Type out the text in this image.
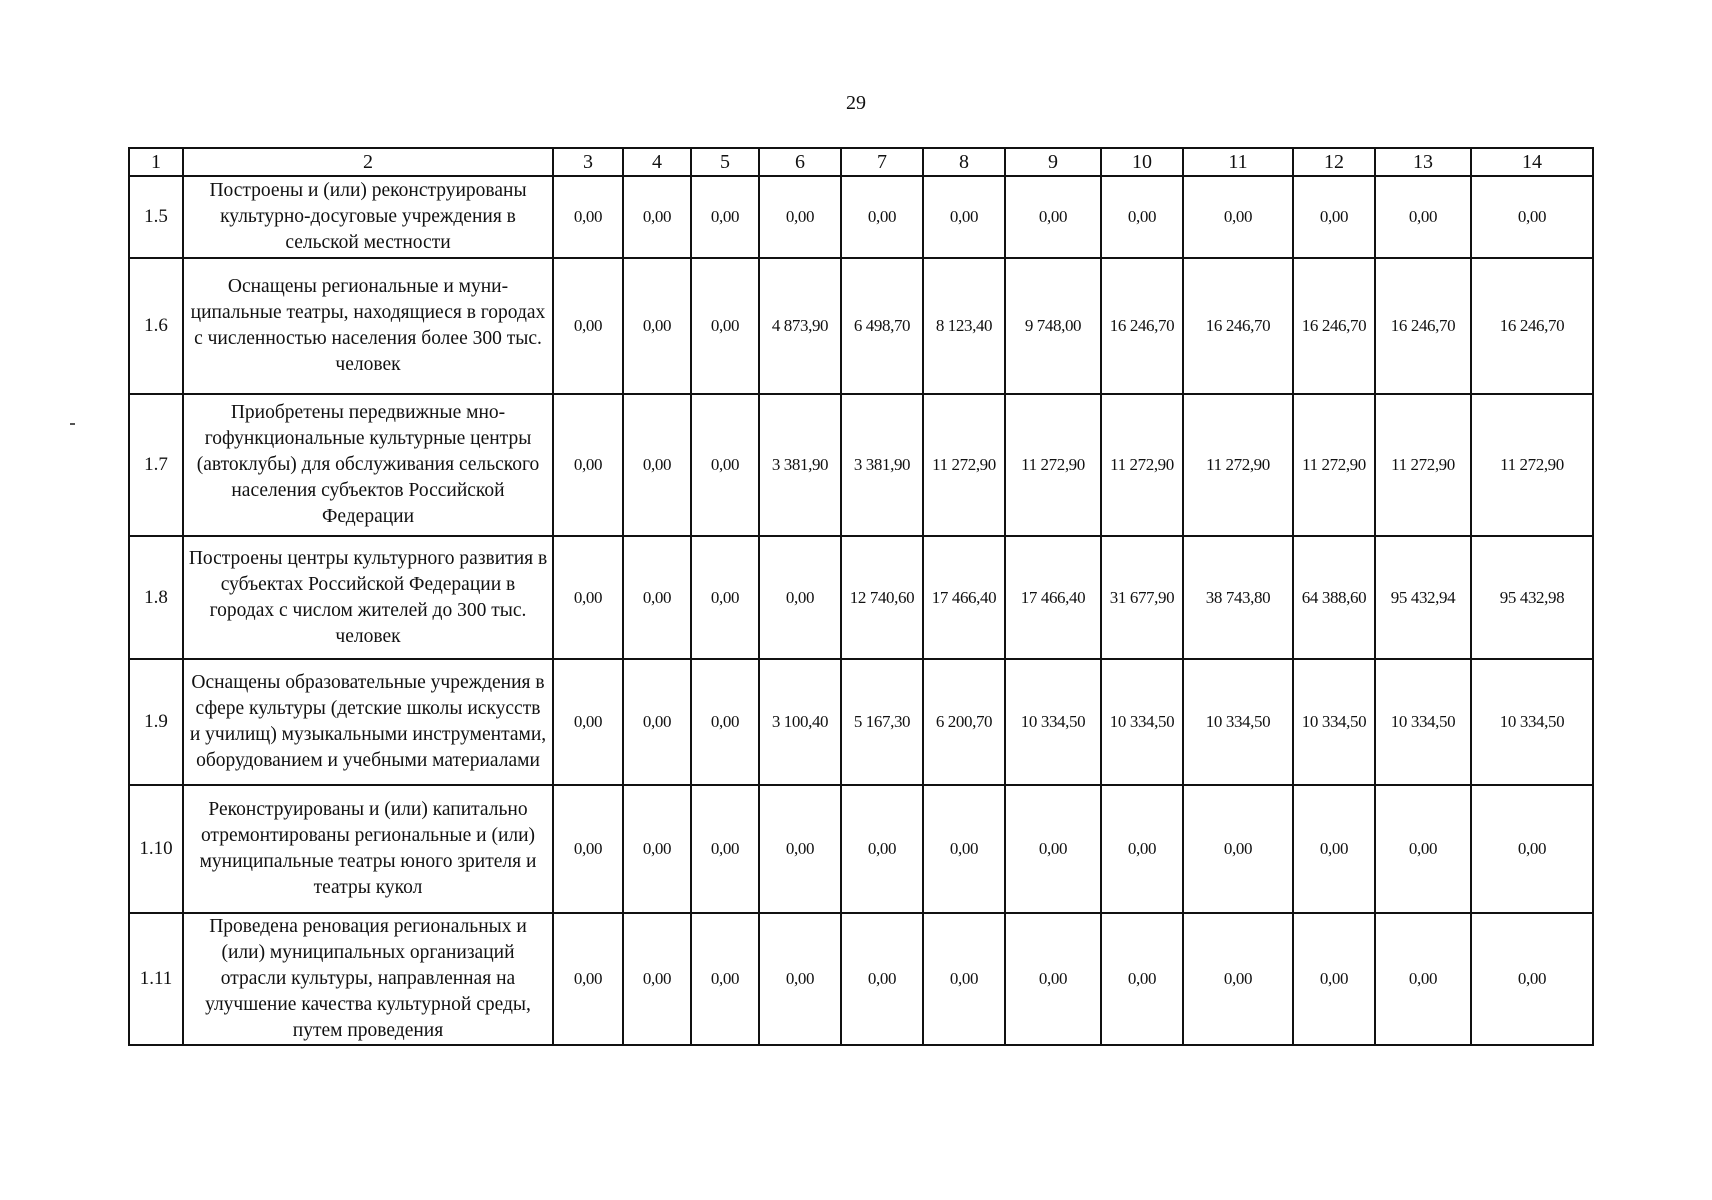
29
1	2	3	4	5	6	7	8	9	10	11	12	13	14
1.5	Построены и (или) реконструированы культурно-досуговые учреждения в сельской местности	0,00	0,00	0,00	0,00	0,00	0,00	0,00	0,00	0,00	0,00	0,00	0,00
1.6	Оснащены региональные и муниципальные театры, находящиеся в городах с численностью населения более 300 тыс. человек	0,00	0,00	0,00	4 873,90	6 498,70	8 123,40	9 748,00	16 246,70	16 246,70	16 246,70	16 246,70	16 246,70
1.7	Приобретены передвижные многофункциональные культурные центры (автоклубы) для обслуживания сельского населения субъектов Российской Федерации	0,00	0,00	0,00	3 381,90	3 381,90	11 272,90	11 272,90	11 272,90	11 272,90	11 272,90	11 272,90	11 272,90
1.8	Построены центры культурного развития в субъектах Российской Федерации в городах с числом жителей до 300 тыс. человек	0,00	0,00	0,00	0,00	12 740,60	17 466,40	17 466,40	31 677,90	38 743,80	64 388,60	95 432,94	95 432,98
1.9	Оснащены образовательные учреждения в сфере культуры (детские школы искусств и училищ) музыкальными инструментами, оборудованием и учебными материалами	0,00	0,00	0,00	3 100,40	5 167,30	6 200,70	10 334,50	10 334,50	10 334,50	10 334,50	10 334,50	10 334,50
1.10	Реконструированы и (или) капитально отремонтированы региональные и (или) муниципальные театры юного зрителя и театры кукол	0,00	0,00	0,00	0,00	0,00	0,00	0,00	0,00	0,00	0,00	0,00	0,00
1.11	Проведена реновация региональных и (или) муниципальных организаций отрасли культуры, направленная на улучшение качества культурной среды, путем проведения	0,00	0,00	0,00	0,00	0,00	0,00	0,00	0,00	0,00	0,00	0,00	0,00
